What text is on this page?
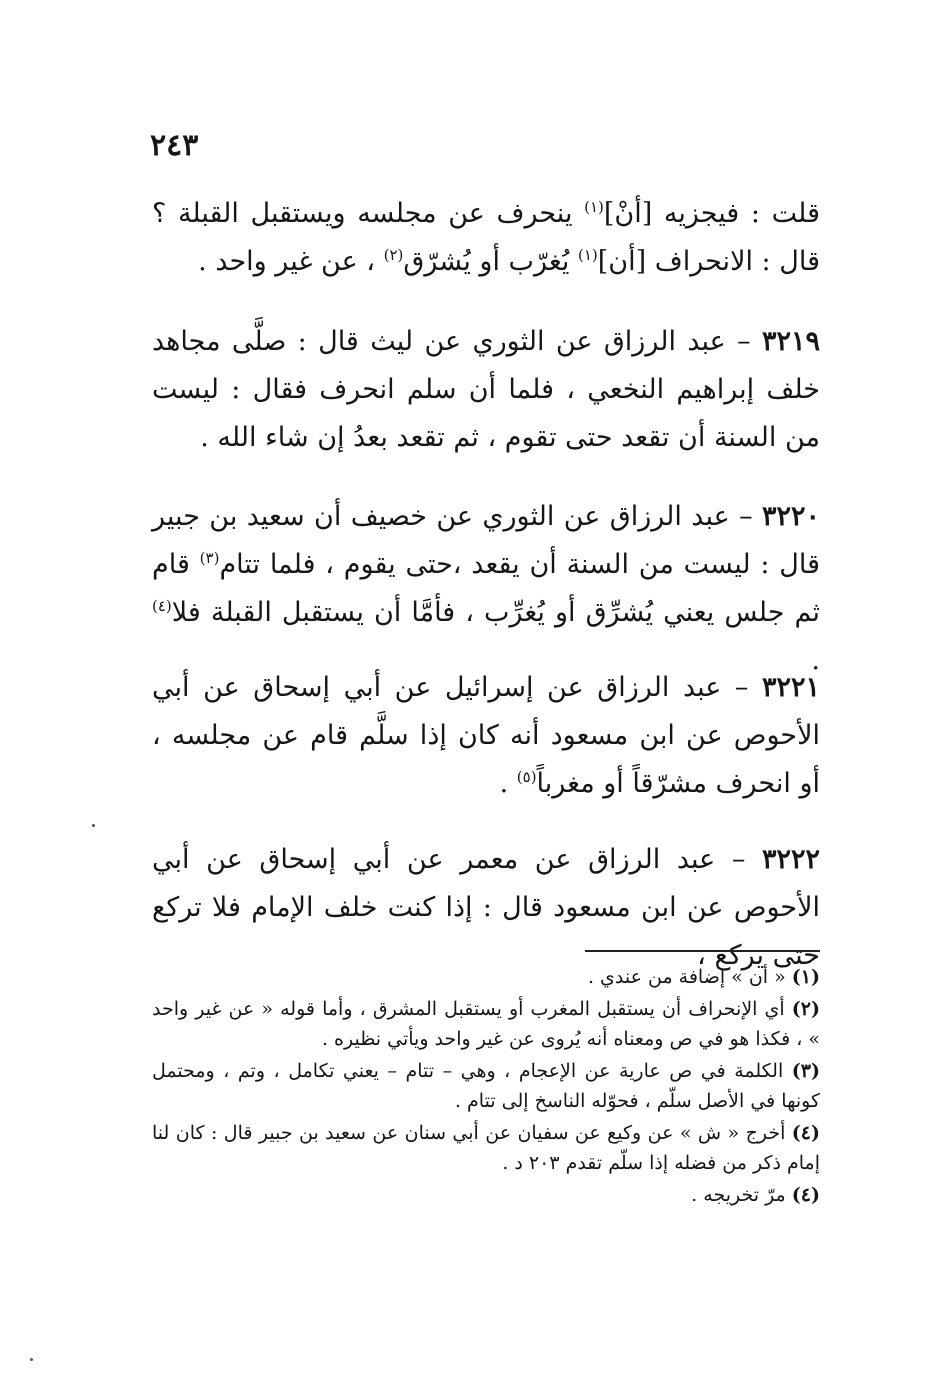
٢٤٣
قلت : فيجزيه [أنْ]$^{(١)}$ ينحرف عن مجلسه ويستقبل القبلة ؟ قال : الانحراف [أن]$^{(١)}$ يُغرّب أو يُشرّق$^{(٢)}$ ، عن غير واحد .
٣٢١٩ – عبد الرزاق عن الثوري عن ليث قال : صلَّى مجاهد خلف إبراهيم النخعي ، فلما أن سلم انحرف فقال : ليست من السنة أن تقعد حتى تقوم ، ثم تقعد بعدُ إن شاء الله .
٣٢٢٠ – عبد الرزاق عن الثوري عن خصيف أن سعيد بن جبير قال : ليست من السنة أن يقعد ،حتى يقوم ، فلما تتام$^{(٣)}$ قام ثم جلس يعني يُشرِّق أو يُغرِّب ، فأمَّا أن يستقبل القبلة فلا$^{(٤)}$ .
٣٢٢١ – عبد الرزاق عن إسرائيل عن أبي إسحاق عن أبي الأحوص عن ابن مسعود أنه كان إذا سلَّم قام عن مجلسه ، أو انحرف مشرّقاً أو مغرباً$^{(٥)}$ .
٣٢٢٢ – عبد الرزاق عن معمر عن أبي إسحاق عن أبي الأحوص عن ابن مسعود قال : إذا كنت خلف الإمام فلا تركع حتى يركع ،
(١) « أن » إضافة من عندي .
(٢) أي الإنحراف أن يستقبل المغرب أو يستقبل المشرق ، وأما قوله « عن غير واحد » ، فكذا هو في ص ومعناه أنه يُروى عن غير واحد ويأتي نظيره .
(٣) الكلمة في ص عارية عن الإعجام ، وهي – تتام – يعني تكامل ، وتم ، ومحتمل كونها في الأصل سلّم ، فحوّله الناسخ إلى تتام .
(٤) أخرج « ش » عن وكيع عن سفيان عن أبي سنان عن سعيد بن جبير قال : كان لنا إمام ذكر من فضله إذا سلّم تقدم ٢٠٣ د .
(٤) مرّ تخريجه .
